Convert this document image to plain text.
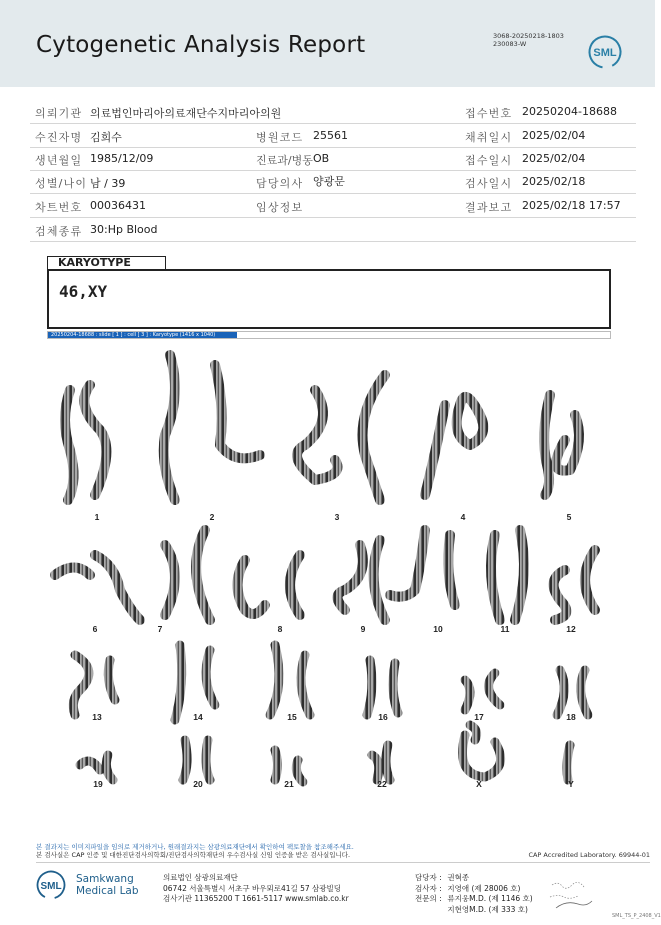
Cytogenetic Analysis Report	3068-20250218-1803
230083-W
SML
의뢰기관 의료법인마리아의료재단수지마리아의원	접수번호 20250204-18688
수진자명 김희수	병원코드 25561	채취일시 2025/02/04
생년월일 1985/12/09	진료과/병동 OB	접수일시 2025/02/04
성별/나이 남 / 39	담당의사 양광문	검사일시 2025/02/18
차트번호 00036431	임상정보	결과보고 2025/02/18 17:57
검체종류 30:Hp Blood
KARYOTYPE
46,XY
20250204-18688 : slide [ 1 ] : cell [ 3 ] : Karyotype (1416 x 1040)
1	2	3	4	5
6	7	8	9	10	11	12
13	14	15	16	17	18
19	20	21	22	X	Y
본 결과지는 이미지파일을 임의로 제거하거나, 원래결과지는 삼광의료재단에서 확인하여 팩토찰을 참조해주세요.
본 검사실은 CAP 인증 및 대한진단검사의학회/진단검사의학재단의 우수검사실 신임 인증을 받은 검사실입니다.	CAP Accredited Laboratory. 69944-01
SML
Samkwang
Medical Lab
의료법인 삼광의료재단
06742 서울특별시 서초구 바우뫼로41길 57 삼광빌딩
검사기관 11365200 T 1661-5117 www.smlab.co.kr
담당자 : 권혁종
검사자 : 지영애 (제 28006 호)
전문의 : 류지웅M.D. (제 1146 호)
지현영M.D. (제 333 호)
SML_TS_P_2408_V1
